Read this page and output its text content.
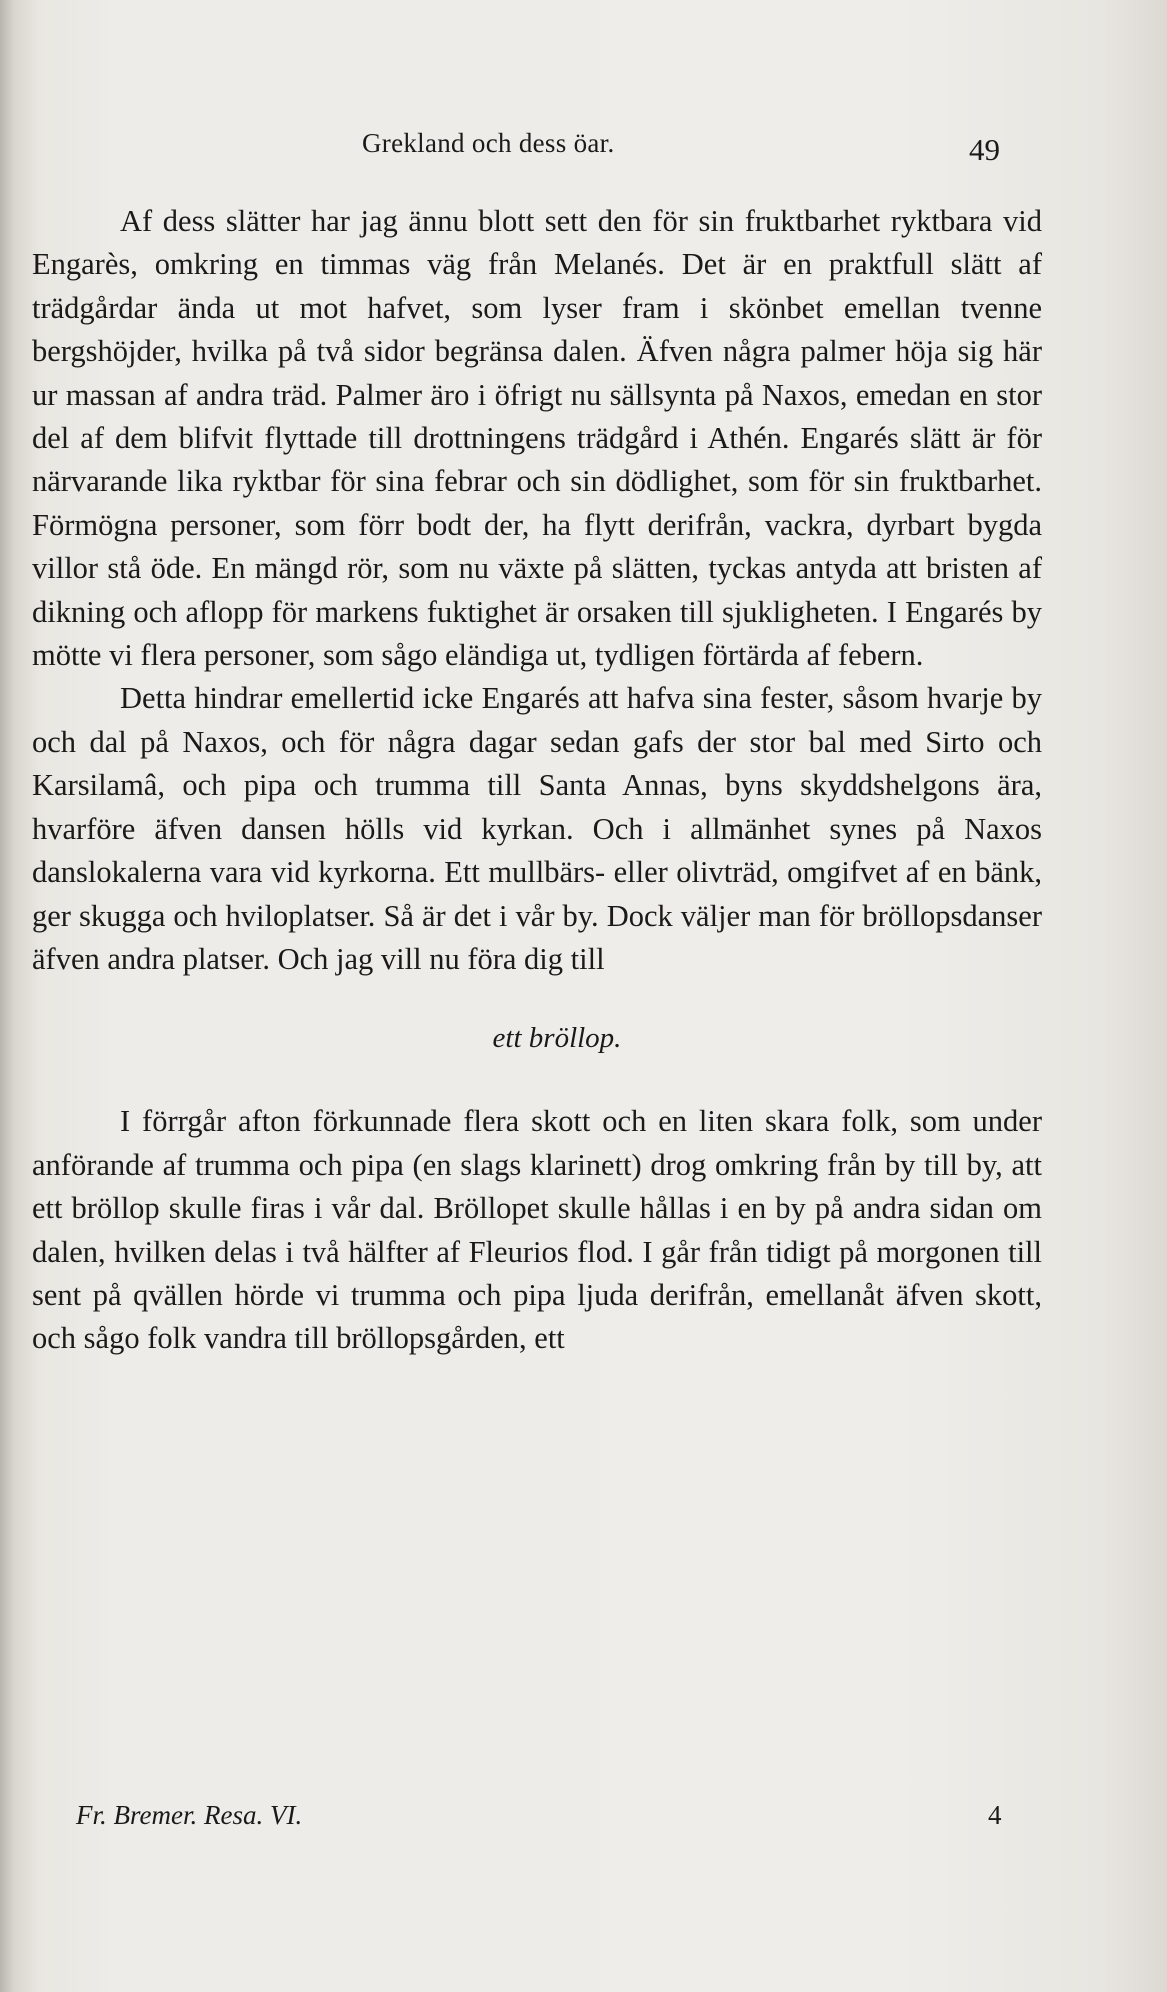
Grekland och dess öar.	49

Af dess slätter har jag ännu blott sett den för sin fruktbarhet ryktbara vid Engarès, omkring en timmas väg från Melanés. Det är en praktfull slätt af trädgårdar ända ut mot hafvet, som lyser fram i skönbet emellan tvenne bergshöjder, hvilka på två sidor begränsa dalen. Äfven några palmer höja sig här ur massan af andra träd. Palmer äro i öfrigt nu sällsynta på Naxos, emedan en stor del af dem blifvit flyttade till drottningens trädgård i Athén. Engarés slätt är för närvarande lika ryktbar för sina febrar och sin dödlighet, som för sin fruktbarhet. Förmögna personer, som förr bodt der, ha flytt derifrån, vackra, dyrbart bygda villor stå öde. En mängd rör, som nu växte på slätten, tyckas antyda att bristen af dikning och aflopp för markens fuktighet är orsaken till sjukligheten. I Engarés by mötte vi flera personer, som sågo eländiga ut, tydligen förtärda af febern.

Detta hindrar emellertid icke Engarés att hafva sina fester, såsom hvarje by och dal på Naxos, och för några dagar sedan gafs der stor bal med Sirto och Karsilamâ, och pipa och trumma till Santa Annas, byns skyddshelgons ära, hvarföre äfven dansen hölls vid kyrkan. Och i allmänhet synes på Naxos danslokalerna vara vid kyrkorna. Ett mullbärs- eller olivträd, omgifvet af en bänk, ger skugga och hviloplatser. Så är det i vår by. Dock väljer man för bröllopsdanser äfven andra platser. Och jag vill nu föra dig till

ett bröllop.

I förrgår afton förkunnade flera skott och en liten skara folk, som under anförande af trumma och pipa (en slags klarinett) drog omkring från by till by, att ett bröllop skulle firas i vår dal. Bröllopet skulle hållas i en by på andra sidan om dalen, hvilken delas i två hälfter af Fleurios flod. I går från tidigt på morgonen till sent på qvällen hörde vi trumma och pipa ljuda derifrån, emellanåt äfven skott, och sågo folk vandra till bröllopsgården, ett

Fr. Bremer. Resa. VI.	4
